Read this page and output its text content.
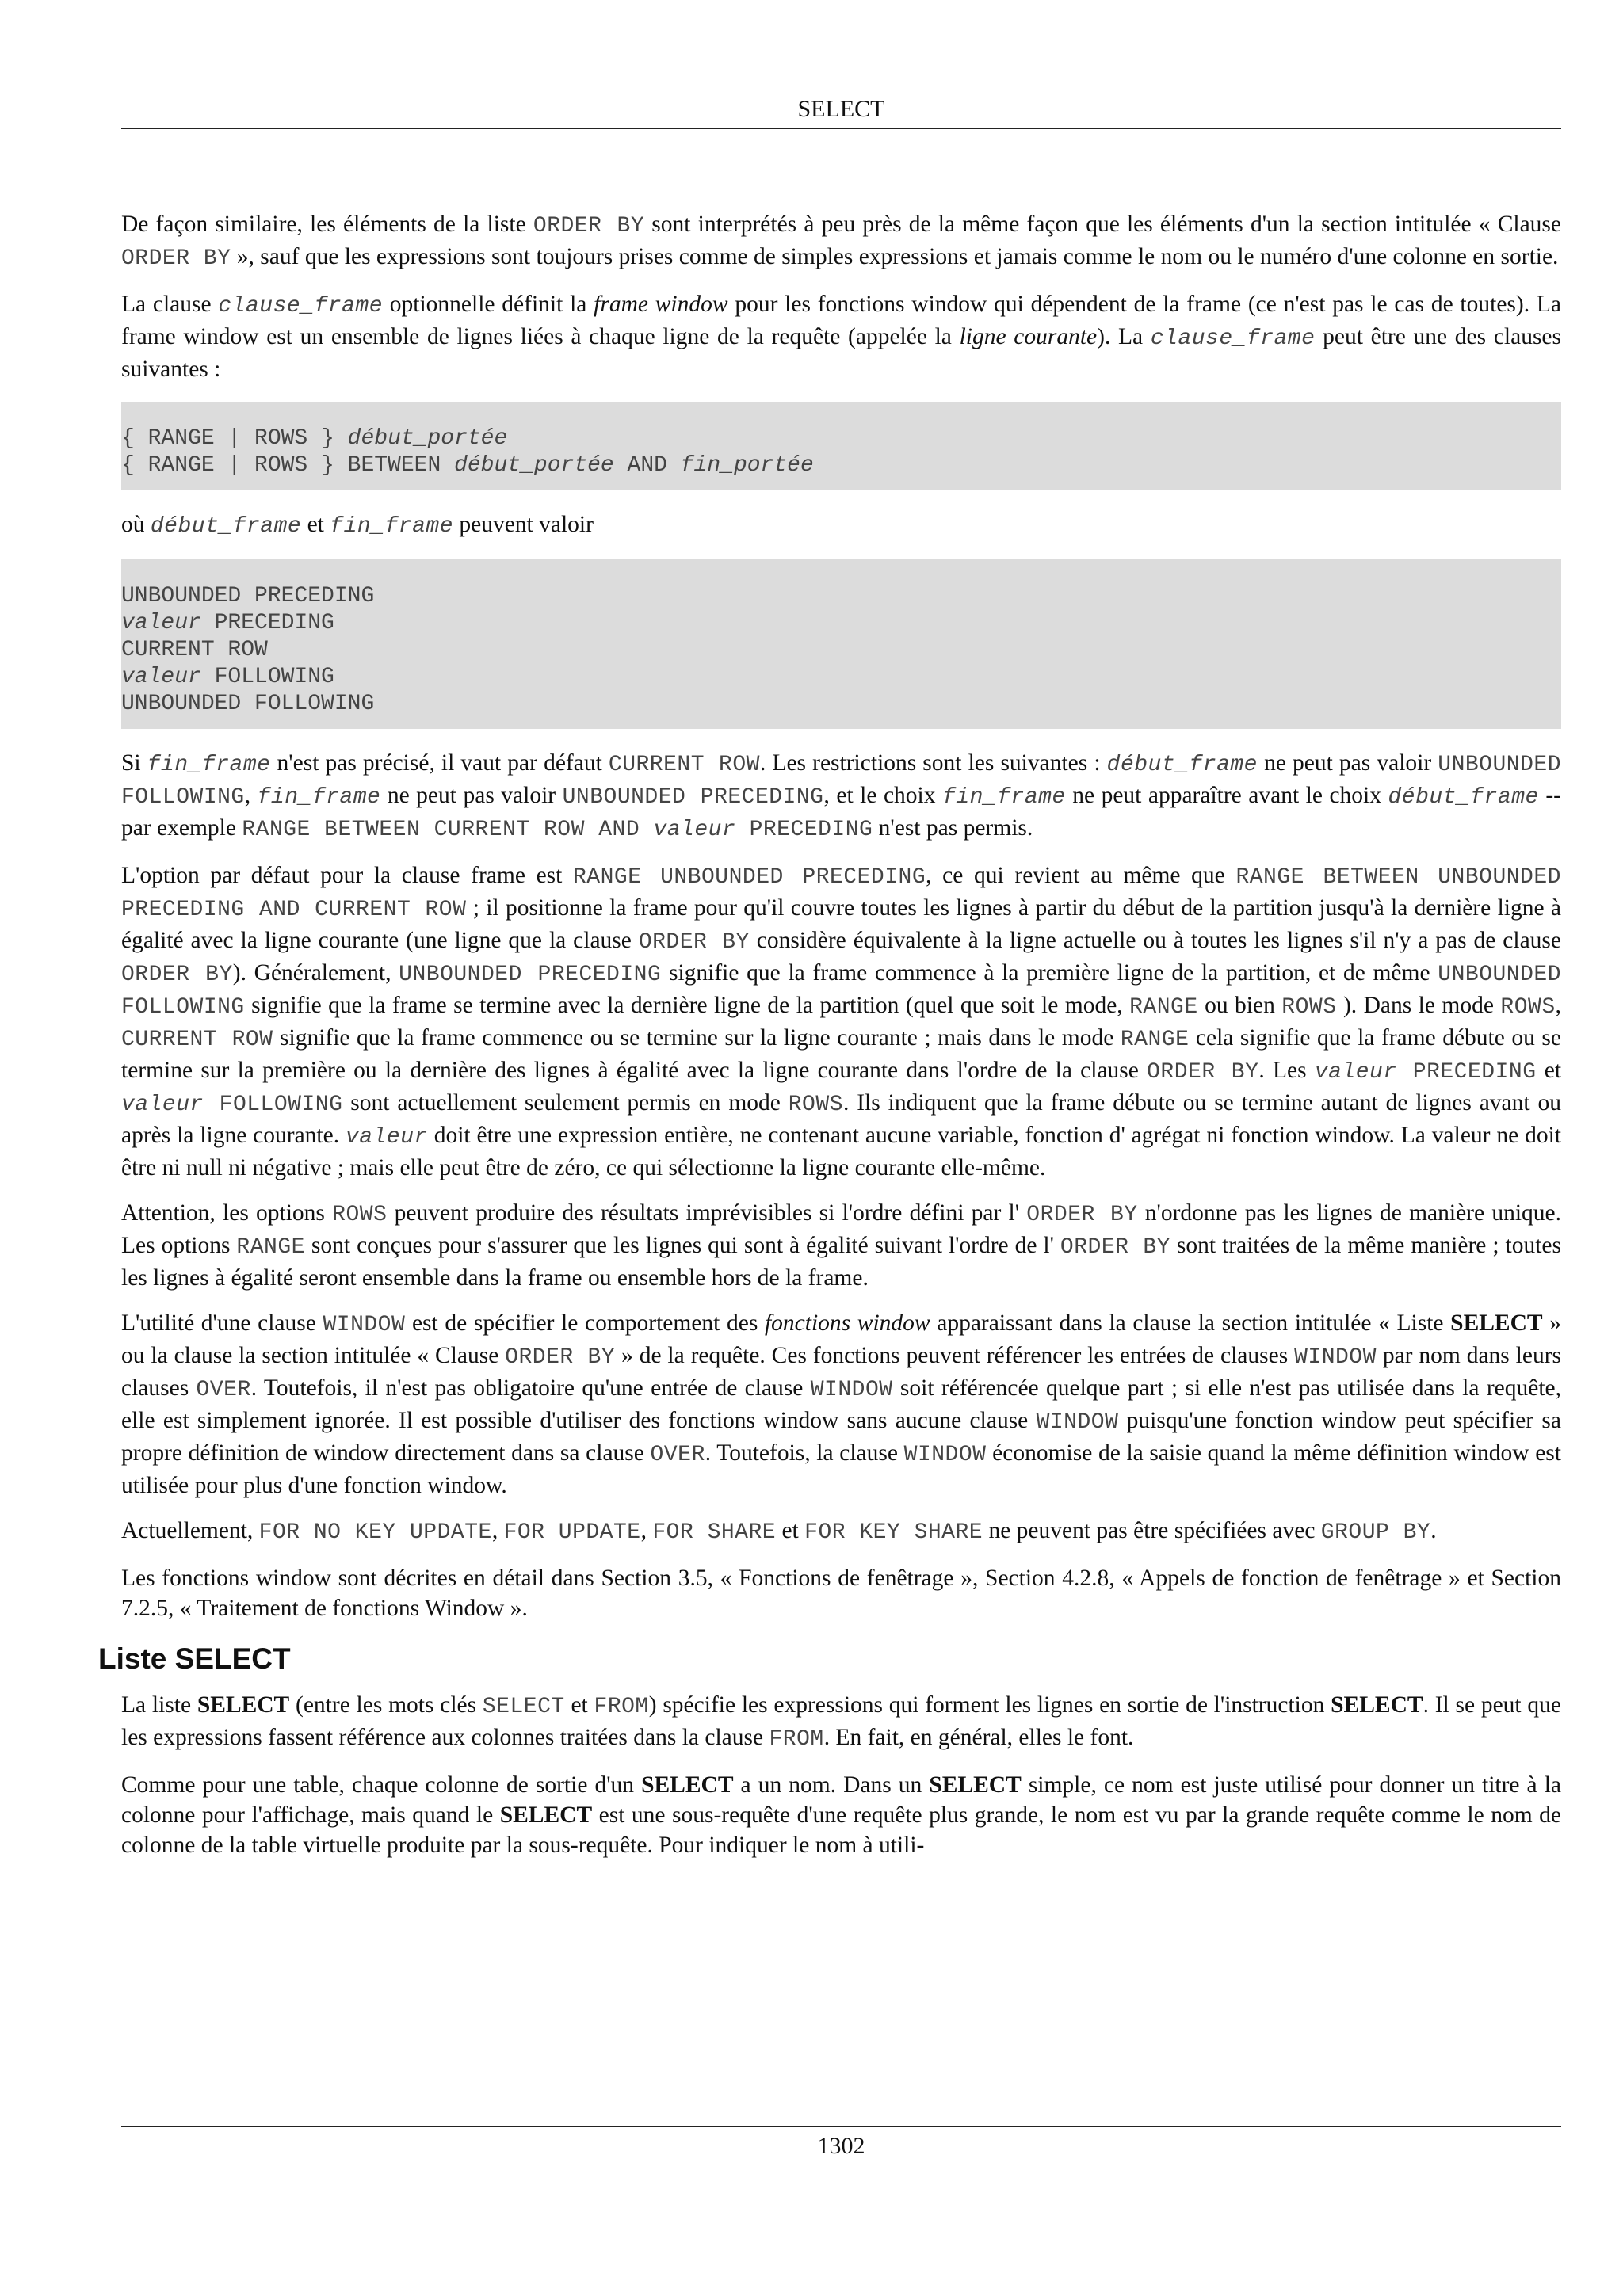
SELECT

De façon similaire, les éléments de la liste ORDER BY sont interprétés à peu près de la même façon que les éléments d'un la section intitulée « Clause ORDER BY », sauf que les expressions sont toujours prises comme de simples expressions et jamais comme le nom ou le numéro d'une colonne en sortie.

La clause clause_frame optionnelle définit la frame window pour les fonctions window qui dépendent de la frame (ce n'est pas le cas de toutes). La frame window est un ensemble de lignes liées à chaque ligne de la requête (appelée la ligne courante). La clause_frame peut être une des clauses suivantes :

{ RANGE | ROWS } début_portée
{ RANGE | ROWS } BETWEEN début_portée AND fin_portée

où début_frame et fin_frame peuvent valoir

UNBOUNDED PRECEDING
valeur PRECEDING
CURRENT ROW
valeur FOLLOWING
UNBOUNDED FOLLOWING

Si fin_frame n'est pas précisé, il vaut par défaut CURRENT ROW. Les restrictions sont les suivantes : début_frame ne peut pas valoir UNBOUNDED FOLLOWING, fin_frame ne peut pas valoir UNBOUNDED PRECEDING, et le choix fin_frame ne peut apparaître avant le choix début_frame -- par exemple RANGE BETWEEN CURRENT ROW AND valeur PRECEDING n'est pas permis.

L'option par défaut pour la clause frame est RANGE UNBOUNDED PRECEDING, ce qui revient au même que RANGE BETWEEN UNBOUNDED PRECEDING AND CURRENT ROW ; il positionne la frame pour qu'il couvre toutes les lignes à partir du début de la partition jusqu'à la dernière ligne à égalité avec la ligne courante (une ligne que la clause ORDER BY considère équivalente à la ligne actuelle ou à toutes les lignes s'il n'y a pas de clause ORDER BY). Généralement, UNBOUNDED PRECEDING signifie que la frame commence à la première ligne de la partition, et de même UNBOUNDED FOLLOWING signifie que la frame se termine avec la dernière ligne de la partition (quel que soit le mode, RANGE ou bien ROWS ). Dans le mode ROWS, CURRENT ROW signifie que la frame commence ou se termine sur la ligne courante ; mais dans le mode RANGE cela signifie que la frame débute ou se termine sur la première ou la dernière des lignes à égalité avec la ligne courante dans l'ordre de la clause ORDER BY. Les valeur PRECEDING et valeur FOLLOWING sont actuellement seulement permis en mode ROWS. Ils indiquent que la frame débute ou se termine autant de lignes avant ou après la ligne courante. valeur doit être une expression entière, ne contenant aucune variable, fonction d' agrégat ni fonction window. La valeur ne doit être ni null ni négative ; mais elle peut être de zéro, ce qui sélectionne la ligne courante elle-même.

Attention, les options ROWS peuvent produire des résultats imprévisibles si l'ordre défini par l' ORDER BY n'ordonne pas les lignes de manière unique. Les options RANGE sont conçues pour s'assurer que les lignes qui sont à égalité suivant l'ordre de l' ORDER BY sont traitées de la même manière ; toutes les lignes à égalité seront ensemble dans la frame ou ensemble hors de la frame.

L'utilité d'une clause WINDOW est de spécifier le comportement des fonctions window apparaissant dans la clause la section intitulée « Liste SELECT » ou la clause la section intitulée « Clause ORDER BY » de la requête. Ces fonctions peuvent référencer les entrées de clauses WINDOW par nom dans leurs clauses OVER. Toutefois, il n'est pas obligatoire qu'une entrée de clause WINDOW soit référencée quelque part ; si elle n'est pas utilisée dans la requête, elle est simplement ignorée. Il est possible d'utiliser des fonctions window sans aucune clause WINDOW puisqu'une fonction window peut spécifier sa propre définition de window directement dans sa clause OVER. Toutefois, la clause WINDOW économise de la saisie quand la même définition window est utilisée pour plus d'une fonction window.

Actuellement, FOR NO KEY UPDATE, FOR UPDATE, FOR SHARE et FOR KEY SHARE ne peuvent pas être spécifiées avec GROUP BY.

Les fonctions window sont décrites en détail dans Section 3.5, « Fonctions de fenêtrage », Section 4.2.8, « Appels de fonction de fenêtrage » et Section 7.2.5, « Traitement de fonctions Window ».

Liste SELECT

La liste SELECT (entre les mots clés SELECT et FROM) spécifie les expressions qui forment les lignes en sortie de l'instruction SELECT. Il se peut que les expressions fassent référence aux colonnes traitées dans la clause FROM. En fait, en général, elles le font.

Comme pour une table, chaque colonne de sortie d'un SELECT a un nom. Dans un SELECT simple, ce nom est juste utilisé pour donner un titre à la colonne pour l'affichage, mais quand le SELECT est une sous-requête d'une requête plus grande, le nom est vu par la grande requête comme le nom de colonne de la table virtuelle produite par la sous-requête. Pour indiquer le nom à utili-

1302
